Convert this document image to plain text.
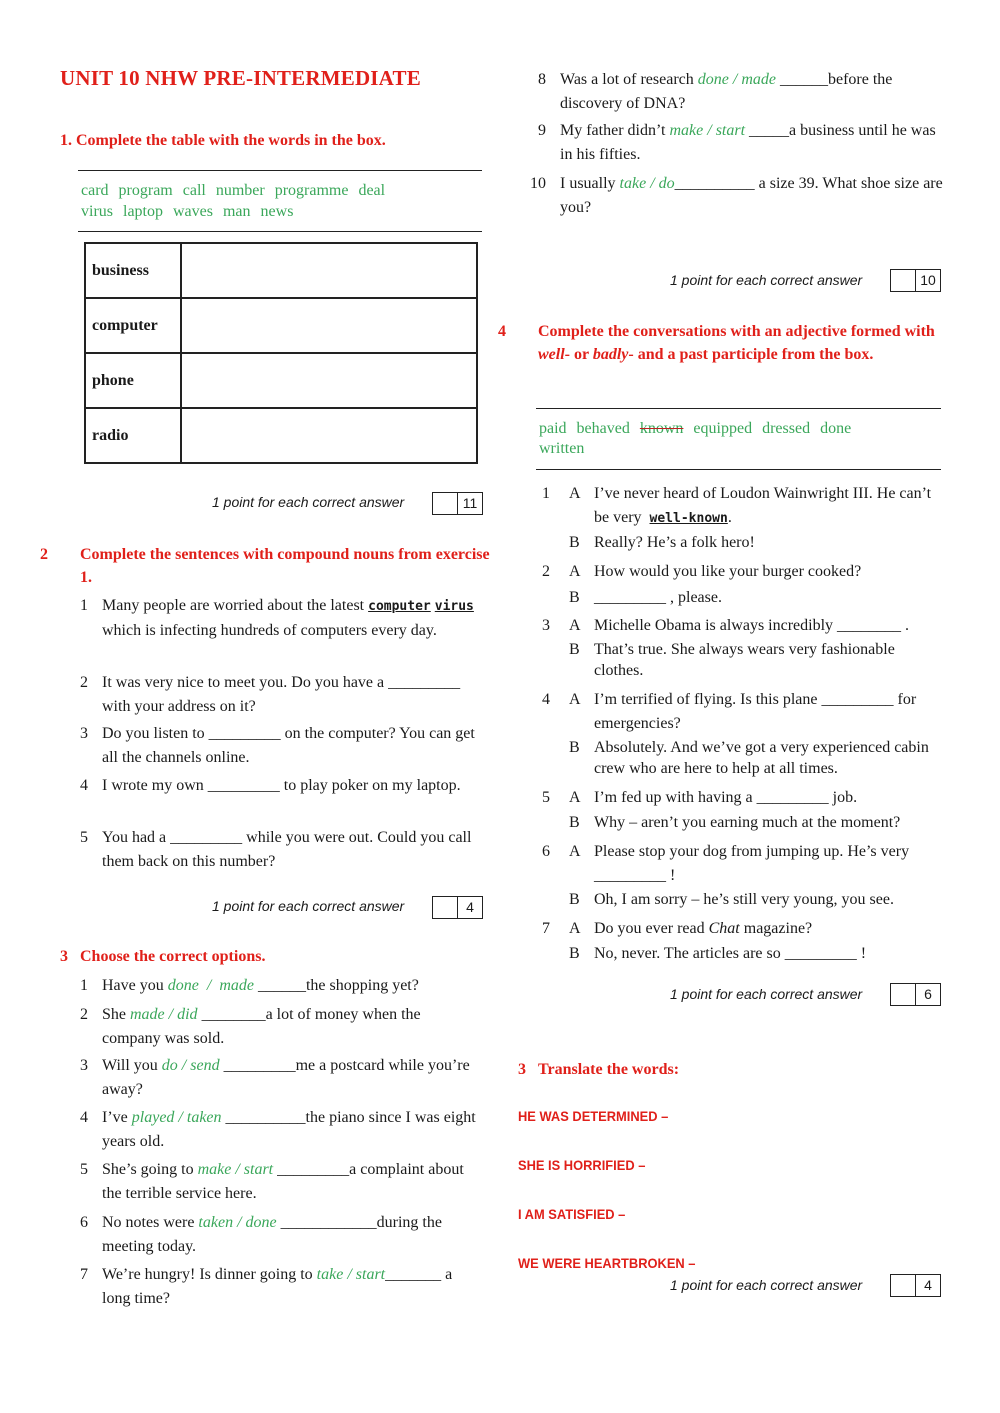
UNIT 10 NHW PRE-INTERMEDIATE
1. Complete the table with the words in the box.
card program call number programme deal
virus laptop waves man news
business	
computer	
phone	
radio	
1 point for each correct answer	11
2 Complete the sentences with compound nouns from exercise 1.
1 Many people are worried about the latest computer virus which is infecting hundreds of computers every day.
2 It was very nice to meet you. Do you have a _________ with your address on it?
3 Do you listen to _________ on the computer? You can get all the channels online.
4 I wrote my own _________ to play poker on my laptop.
5 You had a _________ while you were out. Could you call them back on this number?
1 point for each correct answer	4
3 Choose the correct options.
1 Have you done  /  made ______the shopping yet?
2 She made / did ________a lot of money when the company was sold.
3 Will you do / send _________me a postcard while you’re away?
4 I’ve played / taken __________the piano since I was eight years old.
5 She’s going to make / start _________a complaint about the terrible service here.
6 No notes were taken / done ____________during the meeting today.
7 We’re hungry! Is dinner going to take / start_______ a long time?
8 Was a lot of research done / made ______before the discovery of DNA?
9 My father didn’t make / start _____a business until he was in his fifties.
10 I usually take / do__________ a size 39. What shoe size are you?
1 point for each correct answer	10
4 Complete the conversations with an adjective formed with well- or badly- and a past participle from the box.
paid behaved known equipped dressed done
written
1 A I’ve never heard of Loudon Wainwright III. He can’t be very  well-known.
B Really? He’s a folk hero!
2 A How would you like your burger cooked?
B _________ , please.
3 A Michelle Obama is always incredibly ________ .
B That’s true. She always wears very fashionable clothes.
4 A I’m terrified of flying. Is this plane _________ for emergencies?
B Absolutely. And we’ve got a very experienced cabin crew who are here to help at all times.
5 A I’m fed up with having a _________ job.
B Why – aren’t you earning much at the moment?
6 A Please stop your dog from jumping up. He’s very _________ !
B Oh, I am sorry – he’s still very young, you see.
7 A Do you ever read Chat magazine?
B No, never. The articles are so _________ !
1 point for each correct answer	6
3 Translate the words:
HE WAS DETERMINED –
SHE IS HORRIFIED –
I AM SATISFIED –
WE WERE HEARTBROKEN –
1 point for each correct answer	4
